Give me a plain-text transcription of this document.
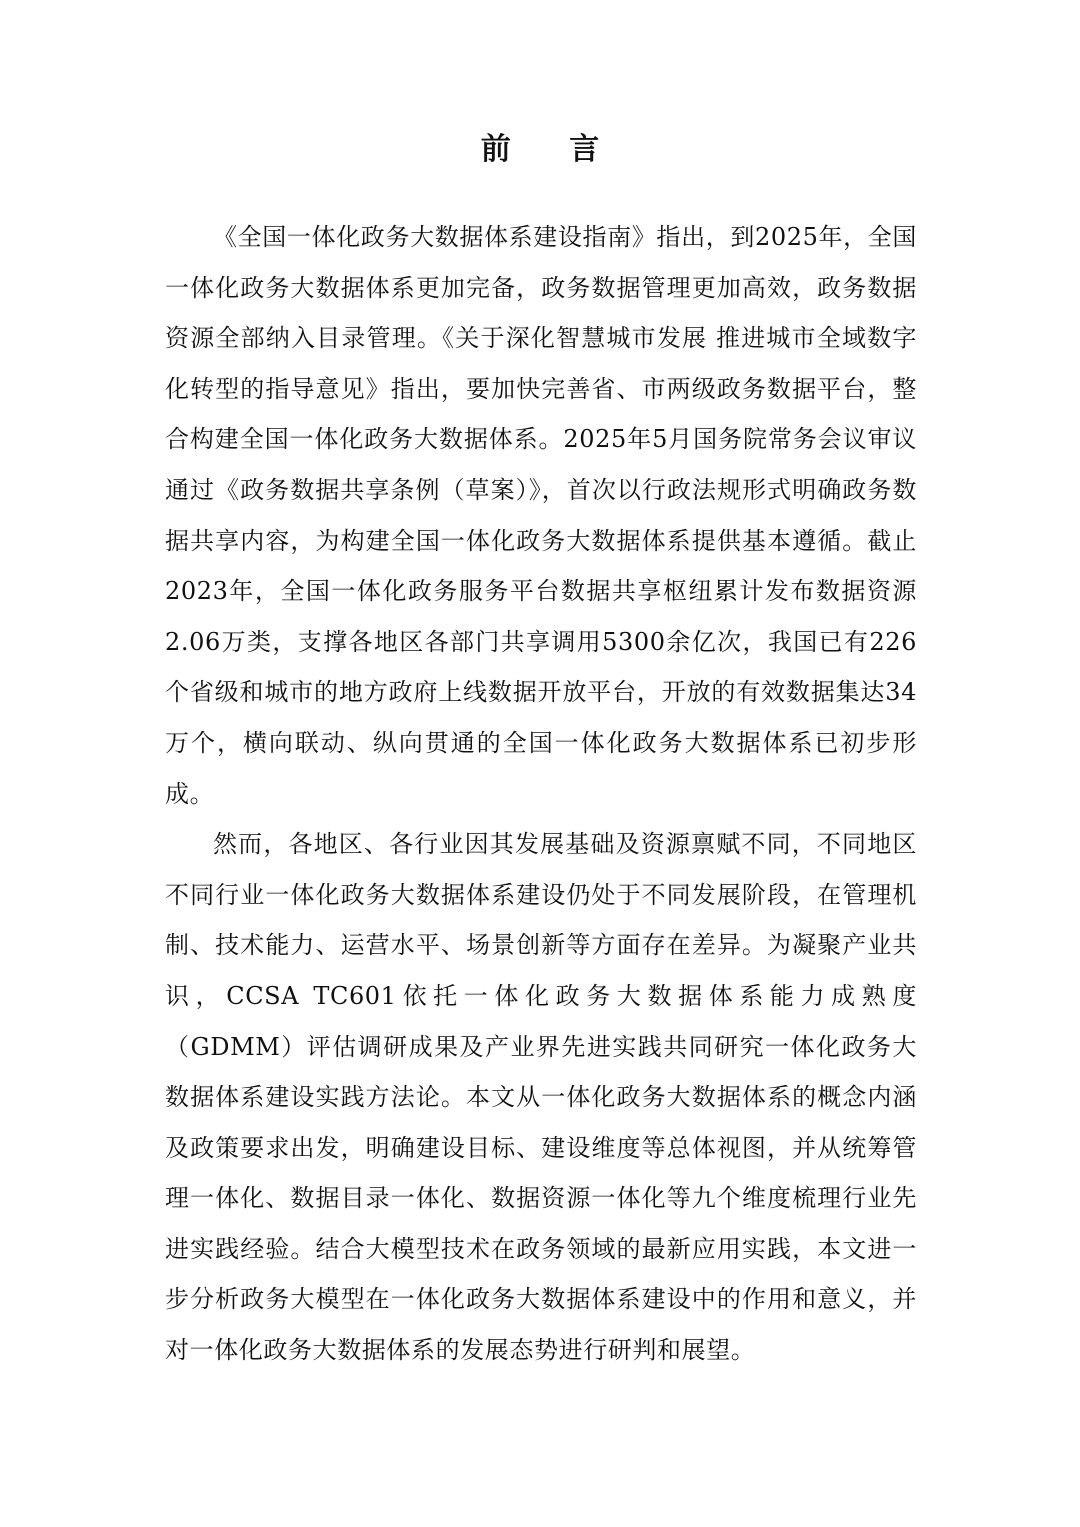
前 言

《全国一体化政务大数据体系建设指南》指出，到2025年，全国一体化政务大数据体系更加完备，政务数据管理更加高效，政务数据资源全部纳入目录管理。《关于深化智慧城市发展 推进城市全域数字化转型的指导意见》指出，要加快完善省、市两级政务数据平台，整合构建全国一体化政务大数据体系。2025年5月国务院常务会议审议通过《政务数据共享条例（草案）》，首次以行政法规形式明确政务数据共享内容，为构建全国一体化政务大数据体系提供基本遵循。截止2023年，全国一体化政务服务平台数据共享枢纽累计发布数据资源2.06万类，支撑各地区各部门共享调用5300余亿次，我国已有226个省级和城市的地方政府上线数据开放平台，开放的有效数据集达34万个，横向联动、纵向贯通的全国一体化政务大数据体系已初步形成。

然而，各地区、各行业因其发展基础及资源禀赋不同，不同地区不同行业一体化政务大数据体系建设仍处于不同发展阶段，在管理机制、技术能力、运营水平、场景创新等方面存在差异。为凝聚产业共识，CCSA TC601依托一体化政务大数据体系能力成熟度（GDMM）评估调研成果及产业界先进实践共同研究一体化政务大数据体系建设实践方法论。本文从一体化政务大数据体系的概念内涵及政策要求出发，明确建设目标、建设维度等总体视图，并从统筹管理一体化、数据目录一体化、数据资源一体化等九个维度梳理行业先进实践经验。结合大模型技术在政务领域的最新应用实践，本文进一步分析政务大模型在一体化政务大数据体系建设中的作用和意义，并对一体化政务大数据体系的发展态势进行研判和展望。
